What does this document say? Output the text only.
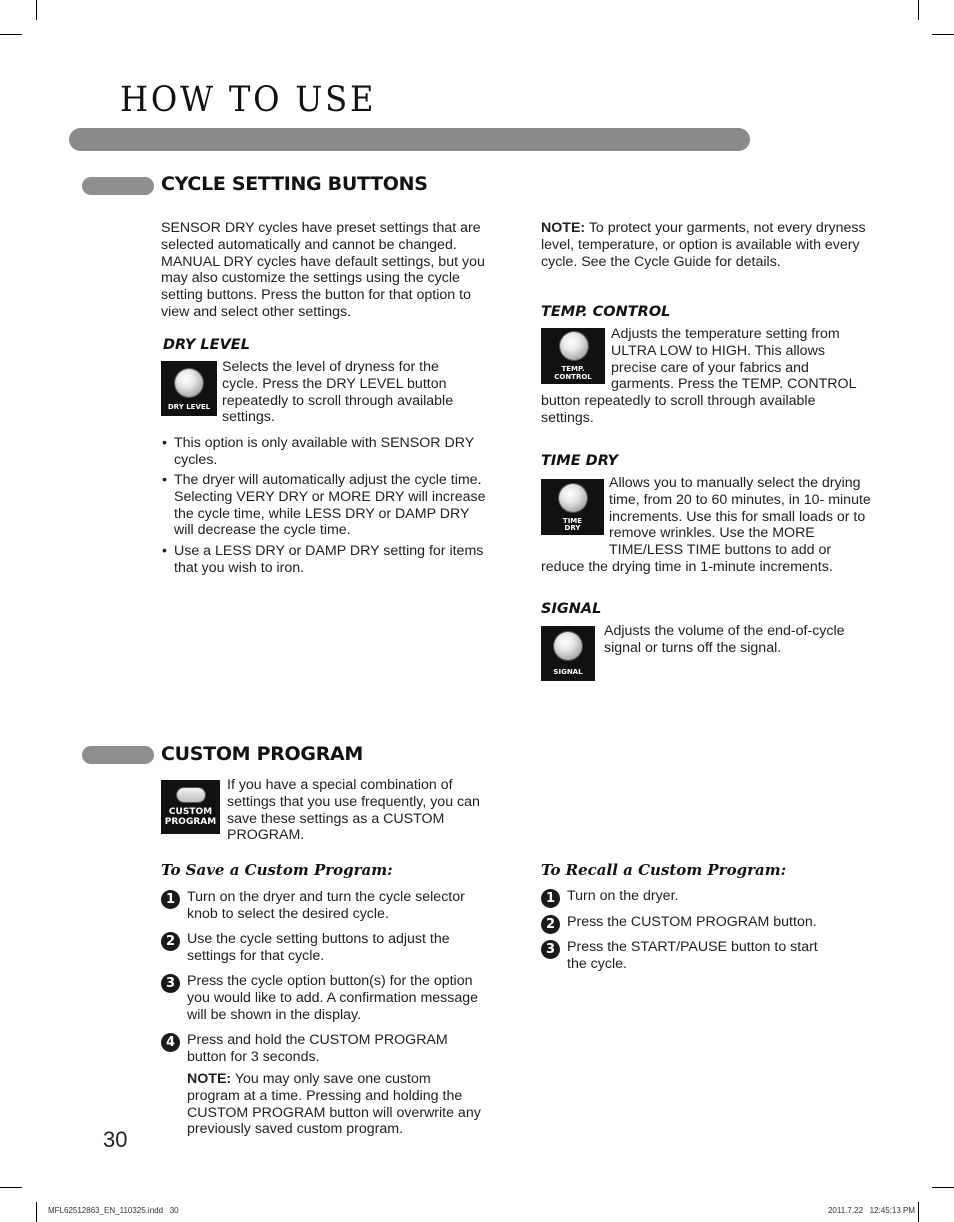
HOW TO USE
CYCLE SETTING BUTTONS
SENSOR DRY cycles have preset settings that are selected automatically and cannot be changed. MANUAL DRY cycles have default settings, but you may also customize the settings using the cycle setting buttons. Press the button for that option to view and select other settings.
DRY LEVEL
DRY LEVEL
Selects the level of dryness for the cycle. Press the DRY LEVEL button repeatedly to scroll through available settings.
• This option is only available with SENSOR DRY cycles.
• The dryer will automatically adjust the cycle time. Selecting VERY DRY or MORE DRY will increase the cycle time, while LESS DRY or DAMP DRY will decrease the cycle time.
• Use a LESS DRY or DAMP DRY setting for items that you wish to iron.
NOTE: To protect your garments, not every dryness level, temperature, or option is available with every cycle. See the Cycle Guide for details.
TEMP. CONTROL
TEMP.
CONTROL
Adjusts the temperature setting from ULTRA LOW to HIGH. This allows precise care of your fabrics and garments. Press the TEMP. CONTROL button repeatedly to scroll through available settings.
TIME DRY
TIME
DRY
Allows you to manually select the drying time, from 20 to 60 minutes, in 10- minute increments. Use this for small loads or to remove wrinkles. Use the MORE TIME/LESS TIME buttons to add or reduce the drying time in 1-minute increments.
SIGNAL
SIGNAL
Adjusts the volume of the end-of-cycle signal or turns off the signal.
CUSTOM PROGRAM
CUSTOM
PROGRAM
If you have a special combination of settings that you use frequently, you can save these settings as a CUSTOM PROGRAM.
To Save a Custom Program:
1 Turn on the dryer and turn the cycle selector knob to select the desired cycle.
2 Use the cycle setting buttons to adjust the settings for that cycle.
3 Press the cycle option button(s) for the option you would like to add. A confirmation message will be shown in the display.
4 Press and hold the CUSTOM PROGRAM button for 3 seconds.
NOTE: You may only save one custom program at a time. Pressing and holding the CUSTOM PROGRAM button will overwrite any previously saved custom program.
To Recall a Custom Program:
1 Turn on the dryer.
2 Press the CUSTOM PROGRAM button.
3 Press the START/PAUSE button to start the cycle.
30
MFL62512863_EN_110325.indd   30	2011.7.22   12:45:13 PM
